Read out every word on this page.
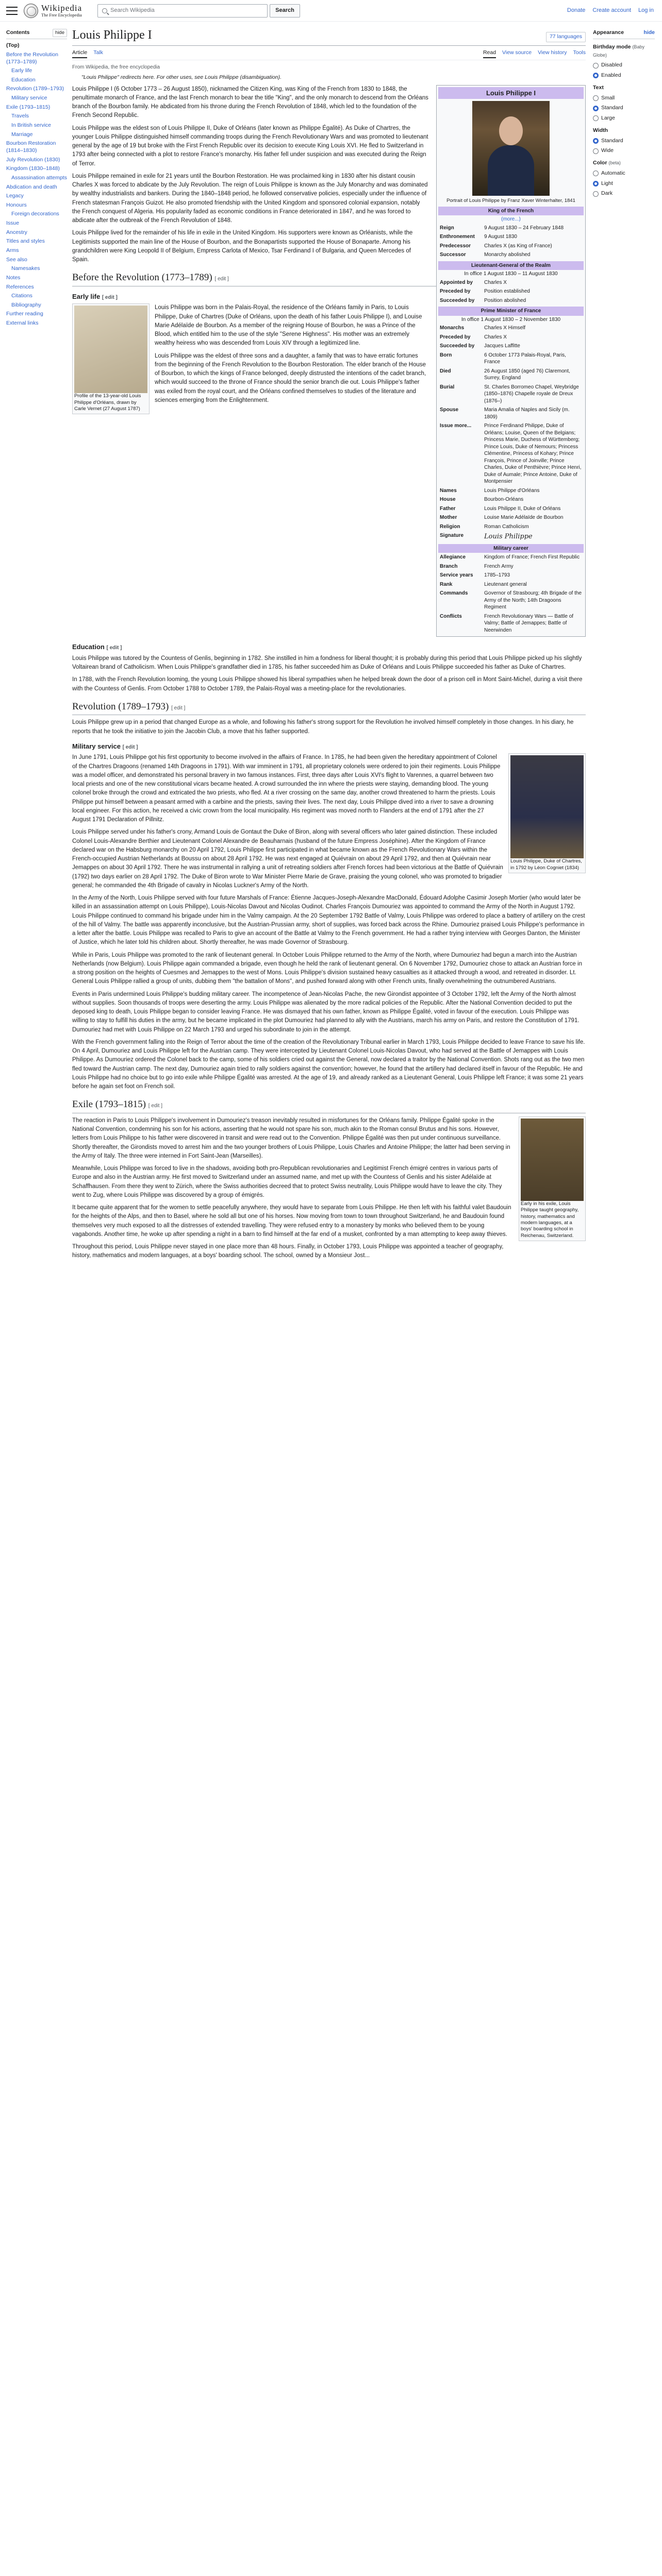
Wikipedia
The Free Encyclopedia
Search Wikipedia	Search	Donate Create account Log in
Contents	hide
(Top)
Before the Revolution (1773–1789)
Early life
Education
Revolution (1789–1793)
Military service
Exile (1793–1815)
Travels
In British service
Marriage
Bourbon Restoration (1814–1830)
July Revolution (1830)
Kingdom (1830–1848)
Assassination attempts
Abdication and death
Legacy
Honours
Foreign decorations
Issue
Ancestry
Titles and styles
Arms
See also
Namesakes
Notes
References
Citations
Bibliography
Further reading
External links
Appearance	hide
Birthday mode (Baby Globe)
Disabled
Enabled
Text
Small
Standard
Large
Width
Standard
Wide
Color (beta)
Automatic
Light
Dark
Louis Philippe I	77 languages
Article Talk	Read View source View history Tools
From Wikipedia, the free encyclopedia
"Louis Philippe" redirects here. For other uses, see Louis Philippe (disambiguation).
Louis Philippe I
Portrait of Louis Philippe by Franz Xaver Winterhalter, 1841
King of the French
(more...)
Reign	9 August 1830 – 24 February 1848
Enthronement	9 August 1830
Predecessor	Charles X (as King of France)
Successor	Monarchy abolished
Lieutenant-General of the Realm
In office 1 August 1830 – 11 August 1830
Appointed by	Charles X
Preceded by	Position established
Succeeded by	Position abolished
Prime Minister of France
In office 1 August 1830 – 2 November 1830
Monarchs	Charles X Himself
Preceded by	Charles X
Succeeded by	Jacques Laffitte
Born	6 October 1773 Palais-Royal, Paris, France
Died	26 August 1850 (aged 76) Claremont, Surrey, England
Burial	St. Charles Borromeo Chapel, Weybridge (1850–1876) Chapelle royale de Dreux (1876–)
Spouse	Maria Amalia of Naples and Sicily (m. 1809)
Issue more...	Prince Ferdinand Philippe, Duke of Orléans; Louise, Queen of the Belgians; Princess Marie, Duchess of Württemberg; Prince Louis, Duke of Nemours; Princess Clémentine, Princess of Kohary; Prince François, Prince of Joinville; Prince Charles, Duke of Penthièvre; Prince Henri, Duke of Aumale; Prince Antoine, Duke of Montpensier
Names	Louis Philippe d'Orléans
House	Bourbon-Orléans
Father	Louis Philippe II, Duke of Orléans
Mother	Louise Marie Adélaïde de Bourbon
Religion	Roman Catholicism
Signature	Louis Philippe
Military career
Allegiance	Kingdom of France; French First Republic
Branch	French Army
Service years	1785–1793
Rank	Lieutenant general
Commands	Governor of Strasbourg; 4th Brigade of the Army of the North; 14th Dragoons Regiment
Conflicts	French Revolutionary Wars — Battle of Valmy; Battle of Jemappes; Battle of Neerwinden

Louis Philippe I (6 October 1773 – 26 August 1850), nicknamed the Citizen King, was King of the French from 1830 to 1848, the penultimate monarch of France, and the last French monarch to bear the title "King", and the only monarch to descend from the Orléans branch of the Bourbon family. He abdicated from his throne during the French Revolution of 1848, which led to the foundation of the French Second Republic.

Louis Philippe was the eldest son of Louis Philippe II, Duke of Orléans (later known as Philippe Égalité). As Duke of Chartres, the younger Louis Philippe distinguished himself commanding troops during the French Revolutionary Wars and was promoted to lieutenant general by the age of 19 but broke with the First French Republic over its decision to execute King Louis XVI. He fled to Switzerland in 1793 after being connected with a plot to restore France's monarchy. His father fell under suspicion and was executed during the Reign of Terror.

Louis Philippe remained in exile for 21 years until the Bourbon Restoration. He was proclaimed king in 1830 after his distant cousin Charles X was forced to abdicate by the July Revolution. The reign of Louis Philippe is known as the July Monarchy and was dominated by wealthy industrialists and bankers. During the 1840–1848 period, he followed conservative policies, especially under the influence of French statesman François Guizot. He also promoted friendship with the United Kingdom and sponsored colonial expansion, notably the French conquest of Algeria. His popularity faded as economic conditions in France deteriorated in 1847, and he was forced to abdicate after the outbreak of the French Revolution of 1848.

Louis Philippe lived for the remainder of his life in exile in the United Kingdom. His supporters were known as Orléanists, while the Legitimists supported the main line of the House of Bourbon, and the Bonapartists supported the House of Bonaparte. Among his grandchildren were King Leopold II of Belgium, Empress Carlota of Mexico, Tsar Ferdinand I of Bulgaria, and Queen Mercedes of Spain.

Before the Revolution (1773–1789) [ edit ]
Early life [ edit ]
Profile of the 13-year-old Louis Philippe d'Orléans, drawn by Carle Vernet (27 August 1787)

Louis Philippe was born in the Palais-Royal, the residence of the Orléans family in Paris, to Louis Philippe, Duke of Chartres (Duke of Orléans, upon the death of his father Louis Philippe I), and Louise Marie Adélaïde de Bourbon. As a member of the reigning House of Bourbon, he was a Prince of the Blood, which entitled him to the use of the style "Serene Highness". His mother was an extremely wealthy heiress who was descended from Louis XIV through a legitimized line.

Louis Philippe was the eldest of three sons and a daughter, a family that was to have erratic fortunes from the beginning of the French Revolution to the Bourbon Restoration. The elder branch of the House of Bourbon, to which the kings of France belonged, deeply distrusted the intentions of the cadet branch, which would succeed to the throne of France should the senior branch die out. Louis Philippe's father was exiled from the royal court, and the Orléans confined themselves to studies of the literature and sciences emerging from the Enlightenment.

Education [ edit ]

Louis Philippe was tutored by the Countess of Genlis, beginning in 1782. She instilled in him a fondness for liberal thought; it is probably during this period that Louis Philippe picked up his slightly Voltairean brand of Catholicism. When Louis Philippe's grandfather died in 1785, his father succeeded him as Duke of Orléans and Louis Philippe succeeded his father as Duke of Chartres.

In 1788, with the French Revolution looming, the young Louis Philippe showed his liberal sympathies when he helped break down the door of a prison cell in Mont Saint-Michel, during a visit there with the Countess of Genlis. From October 1788 to October 1789, the Palais-Royal was a meeting-place for the revolutionaries.

Revolution (1789–1793) [ edit ]

Louis Philippe grew up in a period that changed Europe as a whole, and following his father's strong support for the Revolution he involved himself completely in those changes. In his diary, he reports that he took the initiative to join the Jacobin Club, a move that his father supported.

Military service [ edit ]
Louis Philippe, Duke of Chartres, in 1792 by Léon Cogniet (1834)

In June 1791, Louis Philippe got his first opportunity to become involved in the affairs of France. In 1785, he had been given the hereditary appointment of Colonel of the Chartres Dragoons (renamed 14th Dragoons in 1791). With war imminent in 1791, all proprietary colonels were ordered to join their regiments. Louis Philippe was a model officer, and demonstrated his personal bravery in two famous instances. First, three days after Louis XVI's flight to Varennes, a quarrel between two local priests and one of the new constitutional vicars became heated. A crowd surrounded the inn where the priests were staying, demanding blood. The young colonel broke through the crowd and extricated the two priests, who fled. At a river crossing on the same day, another crowd threatened to harm the priests. Louis Philippe put himself between a peasant armed with a carbine and the priests, saving their lives. The next day, Louis Philippe dived into a river to save a drowning local engineer. For this action, he received a civic crown from the local municipality. His regiment was moved north to Flanders at the end of 1791 after the 27 August 1791 Declaration of Pillnitz.

Louis Philippe served under his father's crony, Armand Louis de Gontaut the Duke of Biron, along with several officers who later gained distinction. These included Colonel Louis-Alexandre Berthier and Lieutenant Colonel Alexandre de Beauharnais (husband of the future Empress Joséphine). After the Kingdom of France declared war on the Habsburg monarchy on 20 April 1792, Louis Philippe first participated in what became known as the French Revolutionary Wars within the French-occupied Austrian Netherlands at Boussu on about 28 April 1792. He was next engaged at Quiévrain on about 29 April 1792, and then at Quiévrain near Jemappes on about 30 April 1792. There he was instrumental in rallying a unit of retreating soldiers after French forces had been victorious at the Battle of Quiévrain (1792) two days earlier on 28 April 1792. The Duke of Biron wrote to War Minister Pierre Marie de Grave, praising the young colonel, who was promoted to brigadier general; he commanded the 4th Brigade of cavalry in Nicolas Luckner's Army of the North.

In the Army of the North, Louis Philippe served with four future Marshals of France: Étienne Jacques-Joseph-Alexandre MacDonald, Édouard Adolphe Casimir Joseph Mortier (who would later be killed in an assassination attempt on Louis Philippe), Louis-Nicolas Davout and Nicolas Oudinot. Charles François Dumouriez was appointed to command the Army of the North in August 1792. Louis Philippe continued to command his brigade under him in the Valmy campaign. At the 20 September 1792 Battle of Valmy, Louis Philippe was ordered to place a battery of artillery on the crest of the hill of Valmy. The battle was apparently inconclusive, but the Austrian-Prussian army, short of supplies, was forced back across the Rhine. Dumouriez praised Louis Philippe's performance in a letter after the battle. Louis Philippe was recalled to Paris to give an account of the Battle at Valmy to the French government. He had a rather trying interview with Georges Danton, the Minister of Justice, which he later told his children about. Shortly thereafter, he was made Governor of Strasbourg.

While in Paris, Louis Philippe was promoted to the rank of lieutenant general. In October Louis Philippe returned to the Army of the North, where Dumouriez had begun a march into the Austrian Netherlands (now Belgium). Louis Philippe again commanded a brigade, even though he held the rank of lieutenant general. On 6 November 1792, Dumouriez chose to attack an Austrian force in a strong position on the heights of Cuesmes and Jemappes to the west of Mons. Louis Philippe's division sustained heavy casualties as it attacked through a wood, and retreated in disorder. Lt. General Louis Philippe rallied a group of units, dubbing them "the battalion of Mons", and pushed forward along with other French units, finally overwhelming the outnumbered Austrians.

Events in Paris undermined Louis Philippe's budding military career. The incompetence of Jean-Nicolas Pache, the new Girondist appointee of 3 October 1792, left the Army of the North almost without supplies. Soon thousands of troops were deserting the army. Louis Philippe was alienated by the more radical policies of the Republic. After the National Convention decided to put the deposed king to death, Louis Philippe began to consider leaving France. He was dismayed that his own father, known as Philippe Égalité, voted in favour of the execution. Louis Philippe was willing to stay to fulfill his duties in the army, but he became implicated in the plot Dumouriez had planned to ally with the Austrians, march his army on Paris, and restore the Constitution of 1791. Dumouriez had met with Louis Philippe on 22 March 1793 and urged his subordinate to join in the attempt.

With the French government falling into the Reign of Terror about the time of the creation of the Revolutionary Tribunal earlier in March 1793, Louis Philippe decided to leave France to save his life. On 4 April, Dumouriez and Louis Philippe left for the Austrian camp. They were intercepted by Lieutenant Colonel Louis-Nicolas Davout, who had served at the Battle of Jemappes with Louis Philippe. As Dumouriez ordered the Colonel back to the camp, some of his soldiers cried out against the General, now declared a traitor by the National Convention. Shots rang out as the two men fled toward the Austrian camp. The next day, Dumouriez again tried to rally soldiers against the convention; however, he found that the artillery had declared itself in favour of the Republic. He and Louis Philippe had no choice but to go into exile while Philippe Égalité was arrested. At the age of 19, and already ranked as a Lieutenant General, Louis Philippe left France; it was some 21 years before he again set foot on French soil.

Exile (1793–1815) [ edit ]
Early in his exile, Louis Philippe taught geography, history, mathematics and modern languages, at a boys' boarding school in Reichenau, Switzerland.

The reaction in Paris to Louis Philippe's involvement in Dumouriez's treason inevitably resulted in misfortunes for the Orléans family. Philippe Égalité spoke in the National Convention, condemning his son for his actions, asserting that he would not spare his son, much akin to the Roman consul Brutus and his sons. However, letters from Louis Philippe to his father were discovered in transit and were read out to the Convention. Philippe Égalité was then put under continuous surveillance. Shortly thereafter, the Girondists moved to arrest him and the two younger brothers of Louis Philippe, Louis Charles and Antoine Philippe; the latter had been serving in the Army of Italy. The three were interned in Fort Saint-Jean (Marseilles).

Meanwhile, Louis Philippe was forced to live in the shadows, avoiding both pro-Republican revolutionaries and Legitimist French émigré centres in various parts of Europe and also in the Austrian army. He first moved to Switzerland under an assumed name, and met up with the Countess of Genlis and his sister Adélaïde at Schaffhausen. From there they went to Zürich, where the Swiss authorities decreed that to protect Swiss neutrality, Louis Philippe would have to leave the city. They went to Zug, where Louis Philippe was discovered by a group of émigrés.

It became quite apparent that for the women to settle peacefully anywhere, they would have to separate from Louis Philippe. He then left with his faithful valet Baudouin for the heights of the Alps, and then to Basel, where he sold all but one of his horses. Now moving from town to town throughout Switzerland, he and Baudouin found themselves very much exposed to all the distresses of extended travelling. They were refused entry to a monastery by monks who believed them to be young vagabonds. Another time, he woke up after spending a night in a barn to find himself at the far end of a musket, confronted by a man attempting to keep away thieves.

Throughout this period, Louis Philippe never stayed in one place more than 48 hours. Finally, in October 1793, Louis Philippe was appointed a teacher of geography, history, mathematics and modern languages, at a boys' boarding school. The school, owned by a Monsieur Jost...
